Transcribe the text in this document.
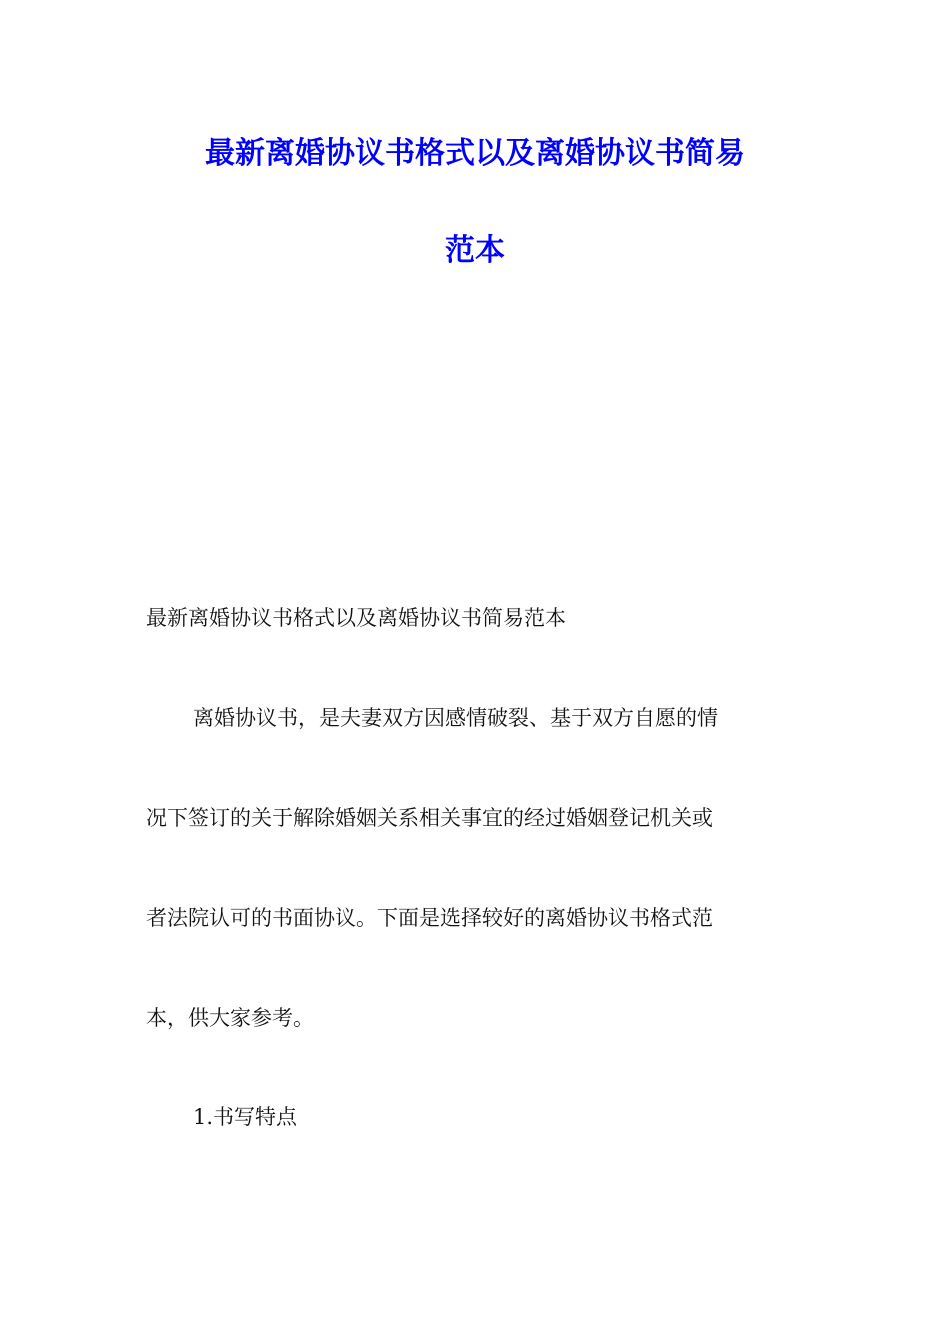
最新离婚协议书格式以及离婚协议书简易
范本

最新离婚协议书格式以及离婚协议书简易范本

离婚协议书，是夫妻双方因感情破裂、基于双方自愿的情

况下签订的关于解除婚姻关系相关事宜的经过婚姻登记机关或

者法院认可的书面协议。下面是选择较好的离婚协议书格式范

本，供大家参考。

1.书写特点
